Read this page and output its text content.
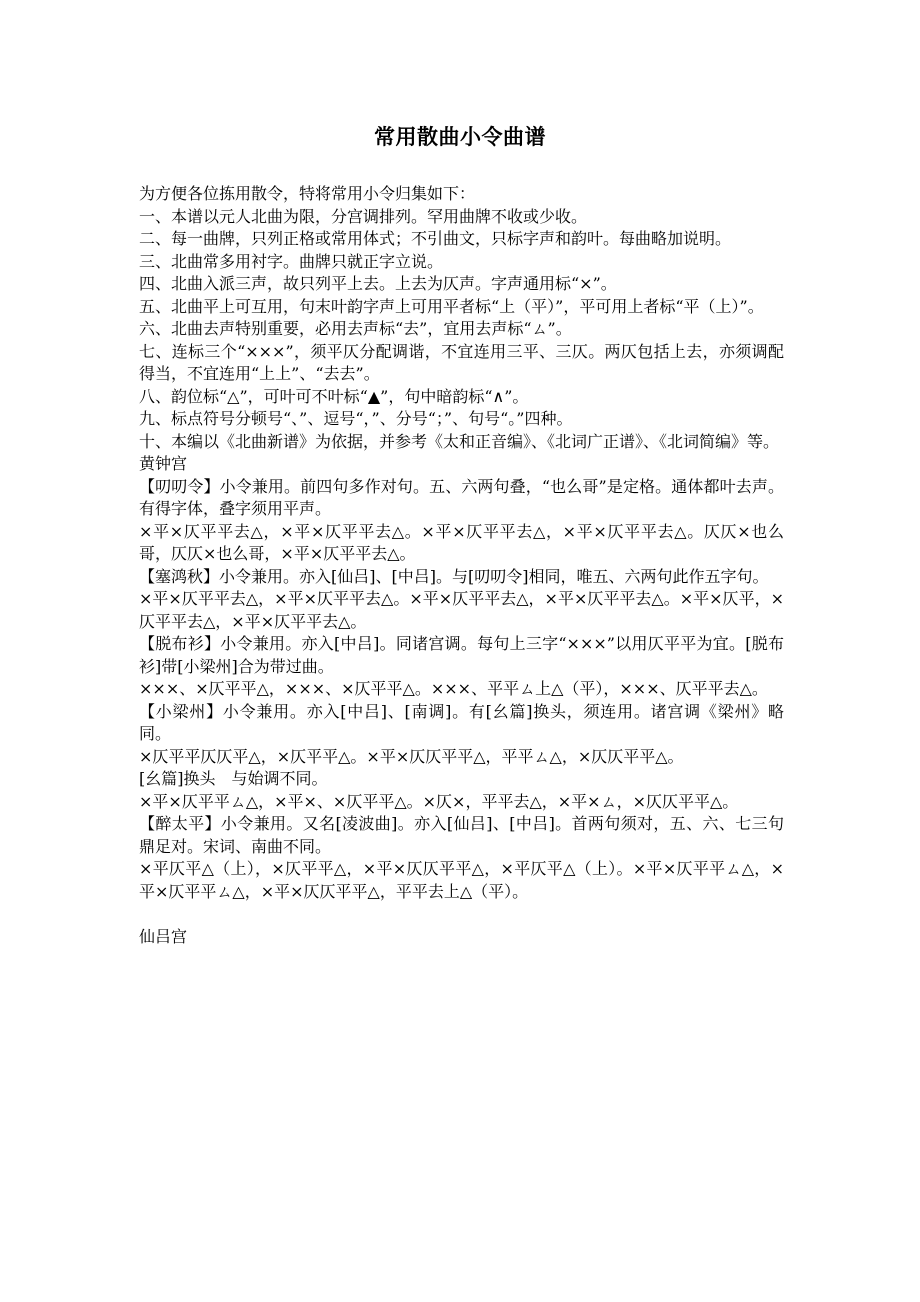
常用散曲小令曲谱

为方便各位拣用散令，特将常用小令归集如下：

一、本谱以元人北曲为限，分宫调排列。罕用曲牌不收或少收。

二、每一曲牌，只列正格或常用体式；不引曲文，只标字声和韵叶。每曲略加说明。

三、北曲常多用衬字。曲牌只就正字立说。

四、北曲入派三声，故只列平上去。上去为仄声。字声通用标“×”。

五、北曲平上可互用，句末叶韵字声上可用平者标“上（平）”，平可用上者标“平（上）”。

六、北曲去声特别重要，必用去声标“去”，宜用去声标“ㄙ”。

七、连标三个“×××”，须平仄分配调谐，不宜连用三平、三仄。两仄包括上去，亦须调配得当，不宜连用“上上”、“去去”。

八、韵位标“△”，可叶可不叶标“▲”，句中暗韵标“∧”。

九、标点符号分顿号“、”、逗号“，”、分号“；”、句号“。”四种。

十、本编以《北曲新谱》为依据，并参考《太和正音编》、《北词广正谱》、《北词简编》等。

黄钟宫

【叨叨令】小令兼用。前四句多作对句。五、六两句叠，“也么哥”是定格。通体都叶去声。有得字体，叠字须用平声。

×平×仄平平去△，×平×仄平平去△。×平×仄平平去△，×平×仄平平去△。仄仄×也么哥，仄仄×也么哥，×平×仄平平去△。

【塞鸿秋】小令兼用。亦入[仙吕]、[中吕]。与[叨叨令]相同，唯五、六两句此作五字句。

×平×仄平平去△，×平×仄平平去△。×平×仄平平去△，×平×仄平平去△。×平×仄平，×仄平平去△，×平×仄平平去△。

【脱布衫】小令兼用。亦入[中吕]。同诸宫调。每句上三字“×××”以用仄平平为宜。[脱布衫]带[小梁州]合为带过曲。

×××、×仄平平△，×××、×仄平平△。×××、平平ㄙ上△（平），×××、仄平平去△。

【小梁州】小令兼用。亦入[中吕]、[南调]。有[幺篇]换头，须连用。诸宫调《梁州》略同。

×仄平平仄仄平△，×仄平平△。×平×仄仄平平△，平平ㄙ△，×仄仄平平△。

[幺篇]换头　与始调不同。

×平×仄平平ㄙ△，×平×、×仄平平△。×仄×，平平去△，×平×ㄙ，×仄仄平平△。

【醉太平】小令兼用。又名[凌波曲]。亦入[仙吕]、[中吕]。首两句须对，五、六、七三句鼎足对。宋词、南曲不同。

×平仄平△（上），×仄平平△，×平×仄仄平平△，×平仄平△（上）。×平×仄平平ㄙ△，×平×仄平平ㄙ△，×平×仄仄平平△，平平去上△（平）。

仙吕宫
